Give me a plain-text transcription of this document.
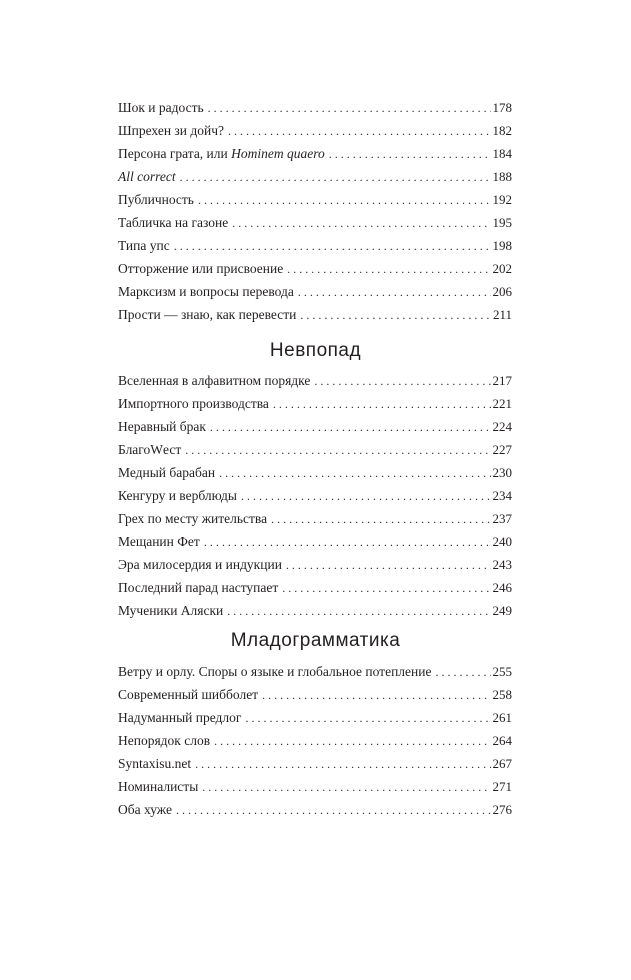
Шок и радость . . .	178
Шпрехен зи дойч? . . .	182
Персона грата, или Hominem quaero . . .	184
All correct . . .	188
Публичность . . .	192
Табличка на газоне . . .	195
Типа упс . . .	198
Отторжение или присвоение . . .	202
Марксизм и вопросы перевода . . .	206
Прости — знаю, как перевести . . .	211
Невпопад
Вселенная в алфавитном порядке . . .	217
Импортного производства . . .	221
Неравный брак . . .	224
БлагоWест . . .	227
Медный барабан . . .	230
Кенгуру и верблюды . . .	234
Грех по месту жительства . . .	237
Мещанин Фет . . .	240
Эра милосердия и индукции . . .	243
Последний парад наступает . . .	246
Мученики Аляски . . .	249
Младограмматика
Ветру и орлу. Споры о языке и глобальное потепление . . .	255
Современный шибболет . . .	258
Надуманный предлог . . .	261
Непорядок слов . . .	264
Syntaxisu.net . . .	267
Номиналисты . . .	271
Оба хуже . . .	276
